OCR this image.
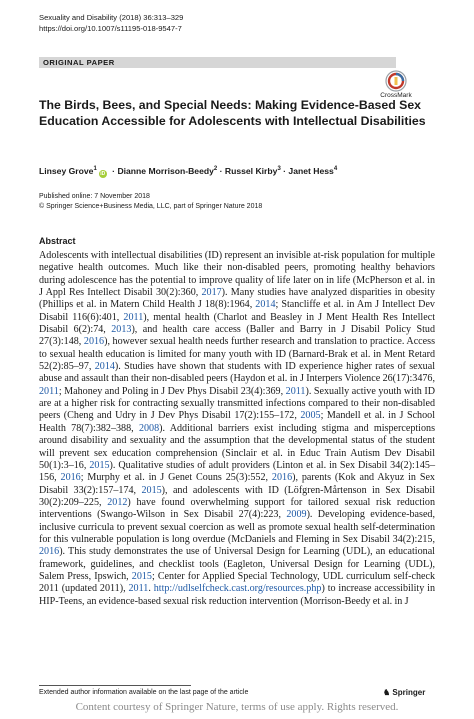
Sexuality and Disability (2018) 36:313–329
https://doi.org/10.1007/s11195-018-9547-7
ORIGINAL PAPER
CrossMark
The Birds, Bees, and Special Needs: Making Evidence-Based Sex Education Accessible for Adolescents with Intellectual Disabilities
Linsey Grove$^1$iD · Dianne Morrison-Beedy$^2$ · Russel Kirby$^3$ · Janet Hess$^4$
Published online: 7 November 2018
© Springer Science+Business Media, LLC, part of Springer Nature 2018
Abstract
Adolescents with intellectual disabilities (ID) represent an invisible at-risk population for multiple negative health outcomes. Much like their non-disabled peers, promoting healthy behaviors during adolescence has the potential to improve quality of life later on in life (McPherson et al. in J Appl Res Intellect Disabil 30(2):360, 2017). Many studies have analyzed disparities in obesity (Phillips et al. in Matern Child Health J 18(8):1964, 2014; Stancliffe et al. in Am J Intellect Dev Disabil 116(6):401, 2011), mental health (Charlot and Beasley in J Ment Health Res Intellect Disabil 6(2):74, 2013), and health care access (Baller and Barry in J Disabil Policy Stud 27(3):148, 2016), however sexual health needs further research and translation to practice. Access to sexual health education is limited for many youth with ID (Barnard-Brak et al. in Ment Retard 52(2):85–97, 2014). Studies have shown that students with ID experience higher rates of sexual abuse and assault than their non-disabled peers (Haydon et al. in J Interpers Violence 26(17):3476, 2011; Mahoney and Poling in J Dev Phys Disabil 23(4):369, 2011). Sexually active youth with ID are at a higher risk for contracting sexually transmitted infections compared to their non-disabled peers (Cheng and Udry in J Dev Phys Disabil 17(2):155–172, 2005; Mandell et al. in J School Health 78(7):382–388, 2008). Additional barriers exist including stigma and misperceptions around disability and sexuality and the assumption that the developmental status of the student will prevent sex education comprehension (Sinclair et al. in Educ Train Autism Dev Disabil 50(1):3–16, 2015). Qualitative studies of adult providers (Linton et al. in Sex Disabil 34(2):145–156, 2016; Murphy et al. in J Genet Couns 25(3):552, 2016), parents (Kok and Akyuz in Sex Disabil 33(2):157–174, 2015), and adolescents with ID (Löfgren-Mårtenson in Sex Disabil 30(2):209–225, 2012) have found overwhelming support for tailored sexual risk reduction interventions (Swango-Wilson in Sex Disabil 27(4):223, 2009). Developing evidence-based, inclusive curricula to prevent sexual coercion as well as promote sexual health self-determination for this vulnerable population is long overdue (McDaniels and Fleming in Sex Disabil 34(2):215, 2016). This study demonstrates the use of Universal Design for Learning (UDL), an educational framework, guidelines, and checklist tools (Eagleton, Universal Design for Learning (UDL), Salem Press, Ipswich, 2015; Center for Applied Special Technology, UDL curriculum self-check 2011 (updated 2011), 2011. http://udlselfcheck.cast.org/resources.php) to increase accessibility in HIP-Teens, an evidence-based sexual risk reduction intervention (Morrison-Beedy et al. in J
Extended author information available on the last page of the article	♞ Springer
Content courtesy of Springer Nature, terms of use apply. Rights reserved.
